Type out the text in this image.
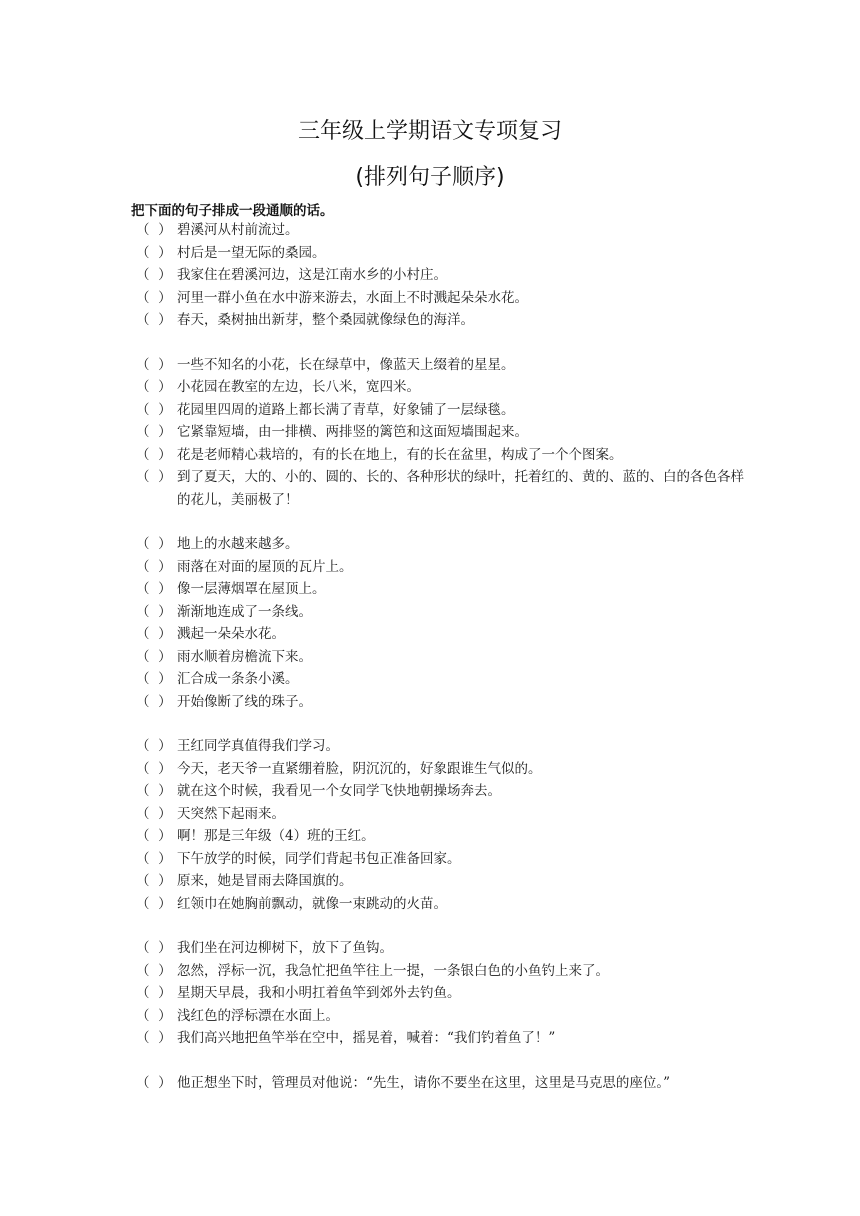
三年级上学期语文专项复习
(排列句子顺序)
把下面的句子排成一段通顺的话。
（  ） 碧溪河从村前流过。
（  ） 村后是一望无际的桑园。
（  ） 我家住在碧溪河边，这是江南水乡的小村庄。
（  ） 河里一群小鱼在水中游来游去，水面上不时溅起朵朵水花。
（  ） 春天，桑树抽出新芽，整个桑园就像绿色的海洋。
（  ） 一些不知名的小花，长在绿草中，像蓝天上缀着的星星。
（  ） 小花园在教室的左边，长八米，宽四米。
（  ） 花园里四周的道路上都长满了青草，好象铺了一层绿毯。
（  ） 它紧靠短墙，由一排横、两排竖的篱笆和这面短墙围起来。
（  ） 花是老师精心栽培的，有的长在地上，有的长在盆里，构成了一个个图案。
（  ） 到了夏天，大的、小的、圆的、长的、各种形状的绿叶，托着红的、黄的、蓝的、白的各色各样的花儿，美丽极了！
（  ） 地上的水越来越多。
（  ） 雨落在对面的屋顶的瓦片上。
（  ） 像一层薄烟罩在屋顶上。
（  ） 渐渐地连成了一条线。
（  ） 溅起一朵朵水花。
（  ） 雨水顺着房檐流下来。
（  ） 汇合成一条条小溪。
（  ） 开始像断了线的珠子。
（  ） 王红同学真值得我们学习。
（  ） 今天，老天爷一直紧绷着脸，阴沉沉的，好象跟谁生气似的。
（  ） 就在这个时候，我看见一个女同学飞快地朝操场奔去。
（  ） 天突然下起雨来。
（  ） 啊！那是三年级（4）班的王红。
（  ） 下午放学的时候，同学们背起书包正准备回家。
（  ） 原来，她是冒雨去降国旗的。
（  ） 红领巾在她胸前飘动，就像一束跳动的火苗。
（  ） 我们坐在河边柳树下，放下了鱼钩。
（  ） 忽然，浮标一沉，我急忙把鱼竿往上一提，一条银白色的小鱼钓上来了。
（  ） 星期天早晨，我和小明扛着鱼竿到郊外去钓鱼。
（  ） 浅红色的浮标漂在水面上。
（  ） 我们高兴地把鱼竿举在空中，摇晃着，喊着：“我们钓着鱼了！”
（  ） 他正想坐下时，管理员对他说：“先生，请你不要坐在这里，这里是马克思的座位。”
